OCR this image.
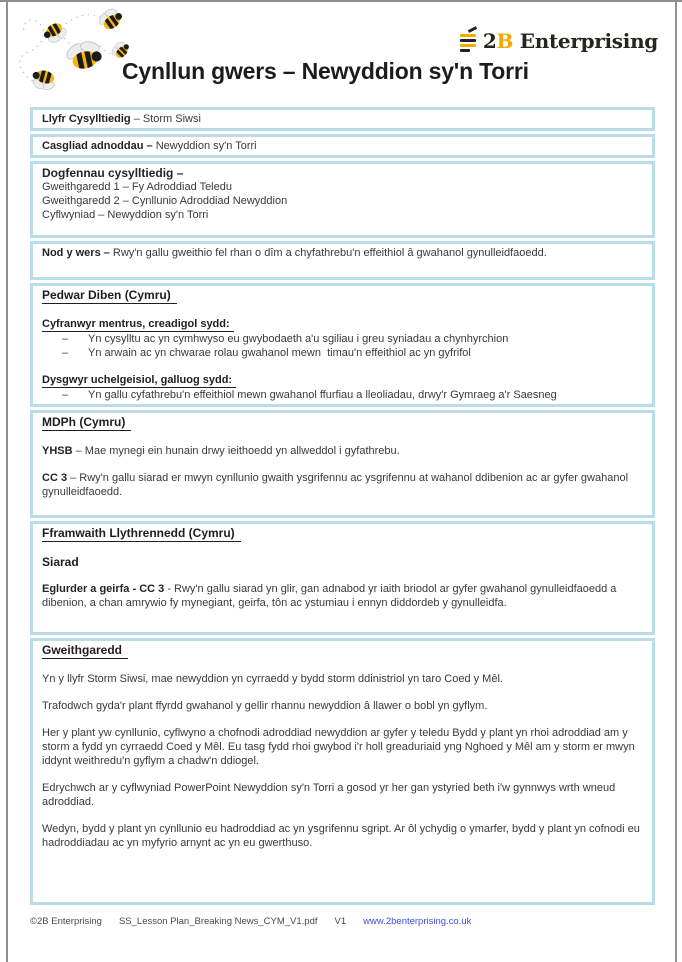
2B Enterprising
Cynllun gwers – Newyddion sy'n Torri

Llyfr Cysylltiedig – Storm Siwsi

Casgliad adnoddau – Newyddion sy'n Torri

Dogfennau cysylltiedig –

Gweithgaredd 1 – Fy Adroddiad Teledu

Gweithgaredd 2 – Cynllunio Adroddiad Newyddion

Cyflwyniad – Newyddion sy'n Torri

Nod y wers – Rwy'n gallu gweithio fel rhan o dîm a chyfathrebu'n effeithiol â gwahanol gynulleidfaoedd.

Pedwar Diben (Cymru)

Cyfranwyr mentrus, creadigol sydd:

–	Yn cysylltu ac yn cymhwyso eu gwybodaeth a'u sgiliau i greu syniadau a chynhyrchion
–	Yn arwain ac yn chwarae rolau gwahanol mewn  timau'n effeithiol ac yn gyfrifol

Dysgwyr uchelgeisiol, galluog sydd:

–	Yn gallu cyfathrebu'n effeithiol mewn gwahanol ffurfiau a lleoliadau, drwy'r Gymraeg a'r Saesneg

MDPh (Cymru)

YHSB – Mae mynegi ein hunain drwy ieithoedd yn allweddol i gyfathrebu.

CC 3 – Rwy'n gallu siarad er mwyn cynllunio gwaith ysgrifennu ac ysgrifennu at wahanol ddibenion ac ar gyfer gwahanol gynulleidfaoedd.

Fframwaith Llythrennedd (Cymru)

Siarad

Eglurder a geirfa - CC 3 - Rwy'n gallu siarad yn glir, gan adnabod yr iaith briodol ar gyfer gwahanol gynulleidfaoedd a dibenion, a chan amrywio fy mynegiant, geirfa, tôn ac ystumiau i ennyn diddordeb y gynulleidfa.

Gweithgaredd

Yn y llyfr Storm Siwsi, mae newyddion yn cyrraedd y bydd storm ddinistriol yn taro Coed y Mêl.

Trafodwch gyda'r plant ffyrdd gwahanol y gellir rhannu newyddion â llawer o bobl yn gyflym.

Her y plant yw cynllunio, cyflwyno a chofnodi adroddiad newyddion ar gyfer y teledu Bydd y plant yn rhoi adroddiad am y storm a fydd yn cyrraedd Coed y Mêl. Eu tasg fydd rhoi gwybod i'r holl greaduriaid yng Nghoed y Mêl am y storm er mwyn iddynt weithredu'n gyflym a chadw'n ddiogel.

Edrychwch ar y cyflwyniad PowerPoint Newyddion sy'n Torri a gosod yr her gan ystyried beth i'w gynnwys wrth wneud adroddiad.

Wedyn, bydd y plant yn cynllunio eu hadroddiad ac yn ysgrifennu sgript. Ar ôl ychydig o ymarfer, bydd y plant yn cofnodi eu hadroddiadau ac yn myfyrio arnynt ac yn eu gwerthuso.

©2B Enterprising SS_Lesson Plan_Breaking News_CYM_V1.pdf V1 www.2benterprising.co.uk
